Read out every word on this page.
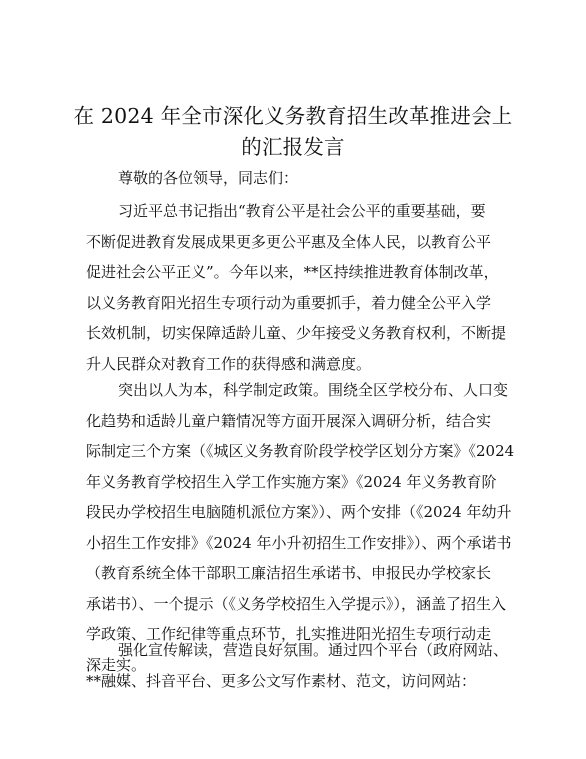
在 2024 年全市深化义务教育招生改革推进会上
的汇报发言

尊敬的各位领导，同志们：

习近平总书记指出“教育公平是社会公平的重要基础，要
不断促进教育发展成果更多更公平惠及全体人民，以教育公平
促进社会公平正义”。今年以来，**区持续推进教育体制改革，
以义务教育阳光招生专项行动为重要抓手，着力健全公平入学
长效机制，切实保障适龄儿童、少年接受义务教育权利，不断提
升人民群众对教育工作的获得感和满意度。
突出以人为本，科学制定政策。围绕全区学校分布、人口变
化趋势和适龄儿童户籍情况等方面开展深入调研分析，结合实
际制定三个方案（《城区义务教育阶段学校学区划分方案》《2024
年义务教育学校招生入学工作实施方案》《2024 年义务教育阶
段民办学校招生电脑随机派位方案》）、两个安排（《2024 年幼升
小招生工作安排》《2024 年小升初招生工作安排》）、两个承诺书
（教育系统全体干部职工廉洁招生承诺书、申报民办学校家长
承诺书）、一个提示（《义务学校招生入学提示》），涵盖了招生入
学政策、工作纪律等重点环节，扎实推进阳光招生专项行动走
深走实。
强化宣传解读，营造良好氛围。通过四个平台（政府网站、
**融媒、抖音平台、更多公文写作素材、范文，访问网站：
